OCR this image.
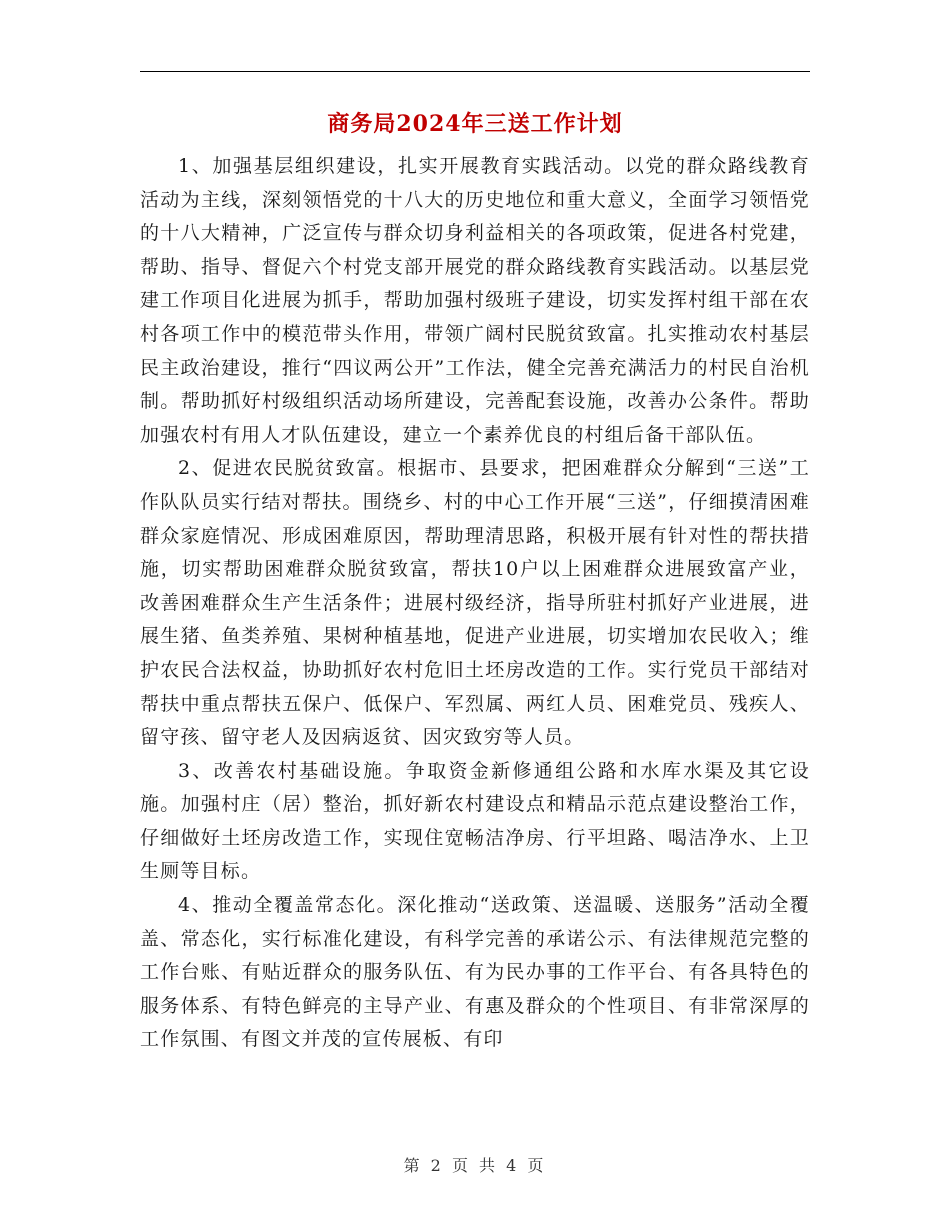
商务局2024年三送工作计划

1、加强基层组织建设，扎实开展教育实践活动。以党的群众路线教育活动为主线，深刻领悟党的十八大的历史地位和重大意义，全面学习领悟党的十八大精神，广泛宣传与群众切身利益相关的各项政策，促进各村党建，帮助、指导、督促六个村党支部开展党的群众路线教育实践活动。以基层党建工作项目化进展为抓手，帮助加强村级班子建设，切实发挥村组干部在农村各项工作中的模范带头作用，带领广阔村民脱贫致富。扎实推动农村基层民主政治建设，推行“四议两公开”工作法，健全完善充满活力的村民自治机制。帮助抓好村级组织活动场所建设，完善配套设施，改善办公条件。帮助加强农村有用人才队伍建设，建立一个素养优良的村组后备干部队伍。

2、促进农民脱贫致富。根据市、县要求，把困难群众分解到“三送”工作队队员实行结对帮扶。围绕乡、村的中心工作开展“三送”，仔细摸清困难群众家庭情况、形成困难原因，帮助理清思路，积极开展有针对性的帮扶措施，切实帮助困难群众脱贫致富，帮扶10户以上困难群众进展致富产业，改善困难群众生产生活条件；进展村级经济，指导所驻村抓好产业进展，进展生猪、鱼类养殖、果树种植基地，促进产业进展，切实增加农民收入；维护农民合法权益，协助抓好农村危旧土坯房改造的工作。实行党员干部结对帮扶中重点帮扶五保户、低保户、军烈属、两红人员、困难党员、残疾人、留守孩、留守老人及因病返贫、因灾致穷等人员。

3、改善农村基础设施。争取资金新修通组公路和水库水渠及其它设施。加强村庄（居）整治，抓好新农村建设点和精品示范点建设整治工作，仔细做好土坯房改造工作，实现住宽畅洁净房、行平坦路、喝洁净水、上卫生厕等目标。

4、推动全覆盖常态化。深化推动“送政策、送温暖、送服务”活动全覆盖、常态化，实行标准化建设，有科学完善的承诺公示、有法律规范完整的工作台账、有贴近群众的服务队伍、有为民办事的工作平台、有各具特色的服务体系、有特色鲜亮的主导产业、有惠及群众的个性项目、有非常深厚的工作氛围、有图文并茂的宣传展板、有印

第 2 页 共 4 页
